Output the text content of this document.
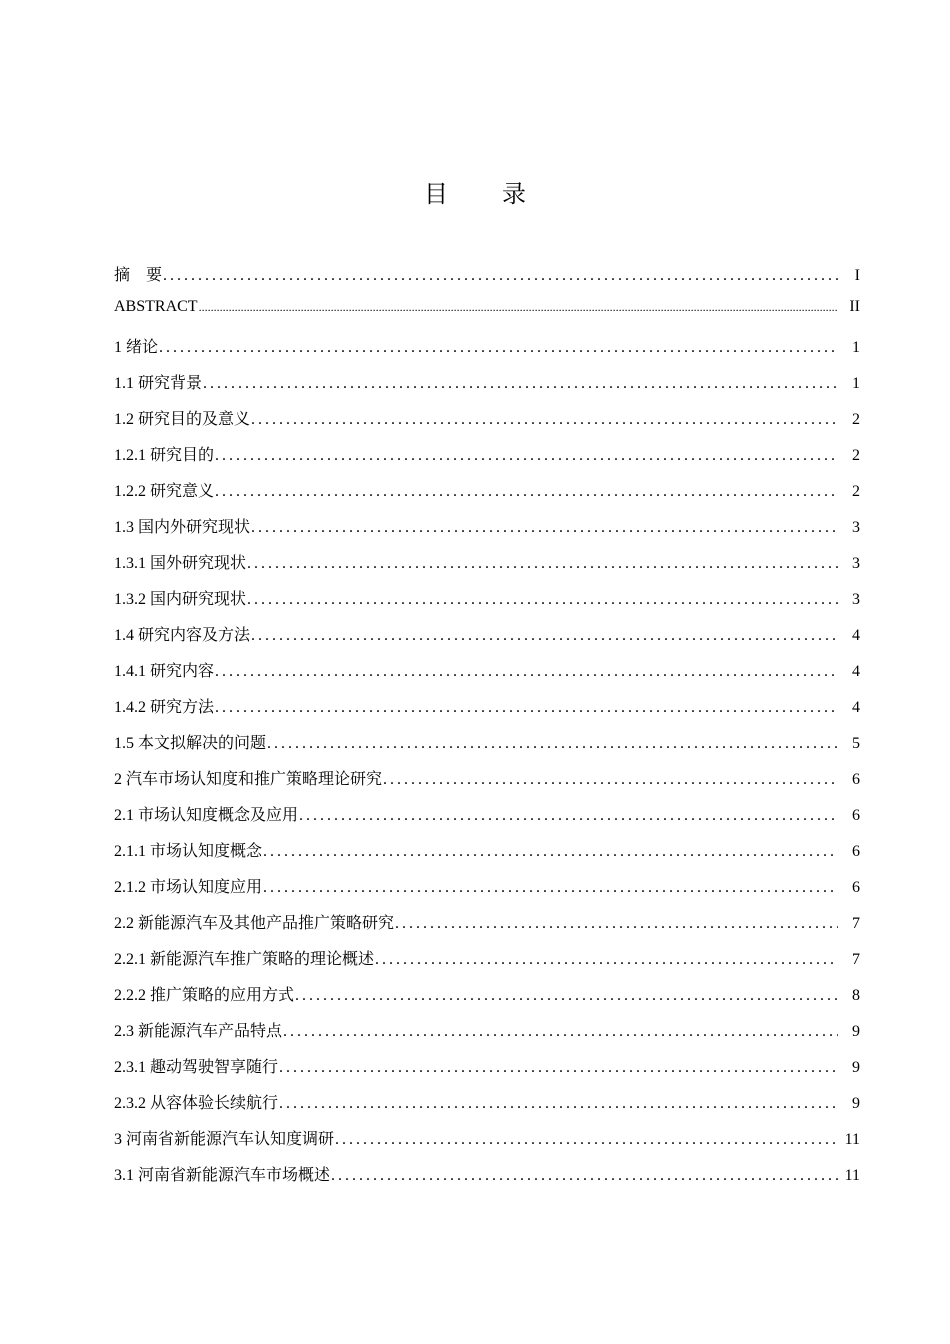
目 录
摘　要 .....	I
ABSTRACT .....	II
1 绪论 .....	1
1.1 研究背景 .....	1
1.2 研究目的及意义 .....	2
1.2.1 研究目的 .....	2
1.2.2 研究意义 .....	2
1.3 国内外研究现状 .....	3
1.3.1 国外研究现状 .....	3
1.3.2 国内研究现状 .....	3
1.4 研究内容及方法 .....	4
1.4.1 研究内容 .....	4
1.4.2 研究方法 .....	4
1.5 本文拟解决的问题 .....	5
2 汽车市场认知度和推广策略理论研究 .....	6
2.1 市场认知度概念及应用 .....	6
2.1.1 市场认知度概念 .....	6
2.1.2 市场认知度应用 .....	6
2.2 新能源汽车及其他产品推广策略研究 .....	7
2.2.1 新能源汽车推广策略的理论概述 .....	7
2.2.2 推广策略的应用方式 .....	8
2.3 新能源汽车产品特点 .....	9
2.3.1 趣动驾驶智享随行 .....	9
2.3.2 从容体验长续航行 .....	9
3 河南省新能源汽车认知度调研 .....	11
3.1 河南省新能源汽车市场概述 .....	11
